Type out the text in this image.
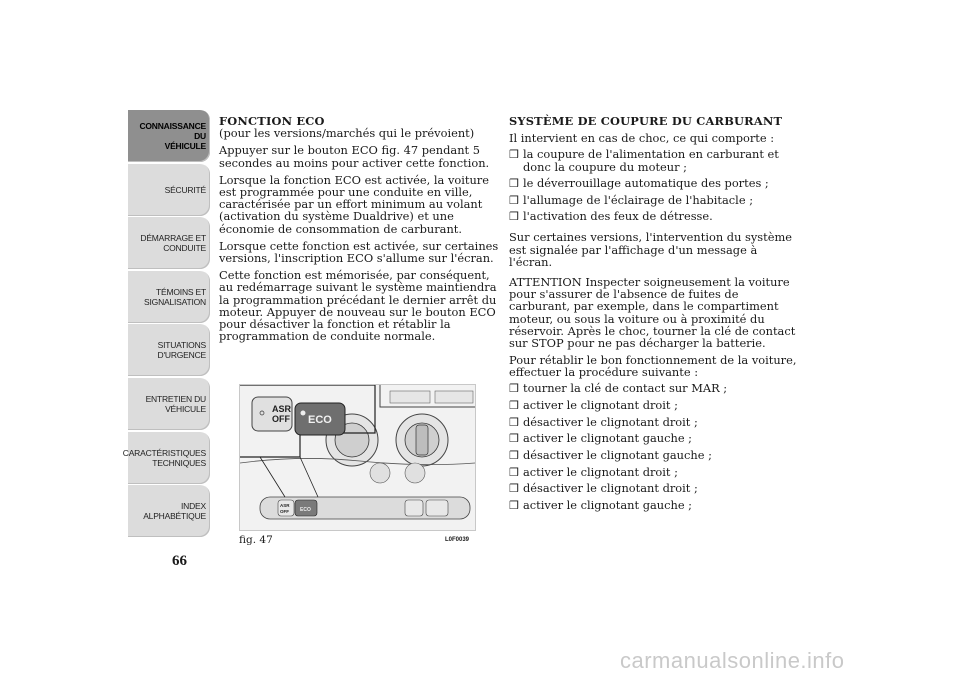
CONNAISSANCE DU
VÉHICULE
SÉCURITÉ
DÉMARRAGE ET
CONDUITE
TÉMOINS ET
SIGNALISATION
SITUATIONS
D'URGENCE
ENTRETIEN DU
VÉHICULE
CARACTÉRISTIQUES
TECHNIQUES
INDEX
ALPHABÉTIQUE
66
FONCTION ECO

(pour les versions/marchés qui le prévoient)

Appuyer sur le bouton ECO fig. 47 pendant 5 secondes au moins pour activer cette fonction.

Lorsque la fonction ECO est activée, la voiture est programmée pour une conduite en ville, caractérisée par un effort minimum au volant (activation du système Dualdrive) et une économie de consommation de carburant.

Lorsque cette fonction est activée, sur certaines versions, l'inscription ECO s'allume sur l'écran.

Cette fonction est mémorisée, par conséquent, au redémarrage suivant le système maintiendra la programmation précédant le dernier arrêt du moteur. Appuyer de nouveau sur le bouton ECO pour désactiver la fonction et rétablir la programmation de conduite normale.

ASR
OFF ECO
ASR
OFF ECO
fig. 47	L0F0039
SYSTÈME DE COUPURE DU CARBURANT

Il intervient en cas de choc, ce qui comporte :

❒ la coupure de l'alimentation en carburant et donc la coupure du moteur ;
❒ le déverrouillage automatique des portes ;
❒ l'allumage de l'éclairage de l'habitacle ;
❒ l'activation des feux de détresse.

Sur certaines versions, l'intervention du système est signalée par l'affichage d'un message à l'écran.

ATTENTION Inspecter soigneusement la voiture pour s'assurer de l'absence de fuites de carburant, par exemple, dans le compartiment moteur, ou sous la voiture ou à proximité du réservoir. Après le choc, tourner la clé de contact sur STOP pour ne pas décharger la batterie.

Pour rétablir le bon fonctionnement de la voiture, effectuer la procédure suivante :

❒ tourner la clé de contact sur MAR ;
❒ activer le clignotant droit ;
❒ désactiver le clignotant droit ;
❒ activer le clignotant gauche ;
❒ désactiver le clignotant gauche ;
❒ activer le clignotant droit ;
❒ désactiver le clignotant droit ;
❒ activer le clignotant gauche ;
carmanualsonline.info
